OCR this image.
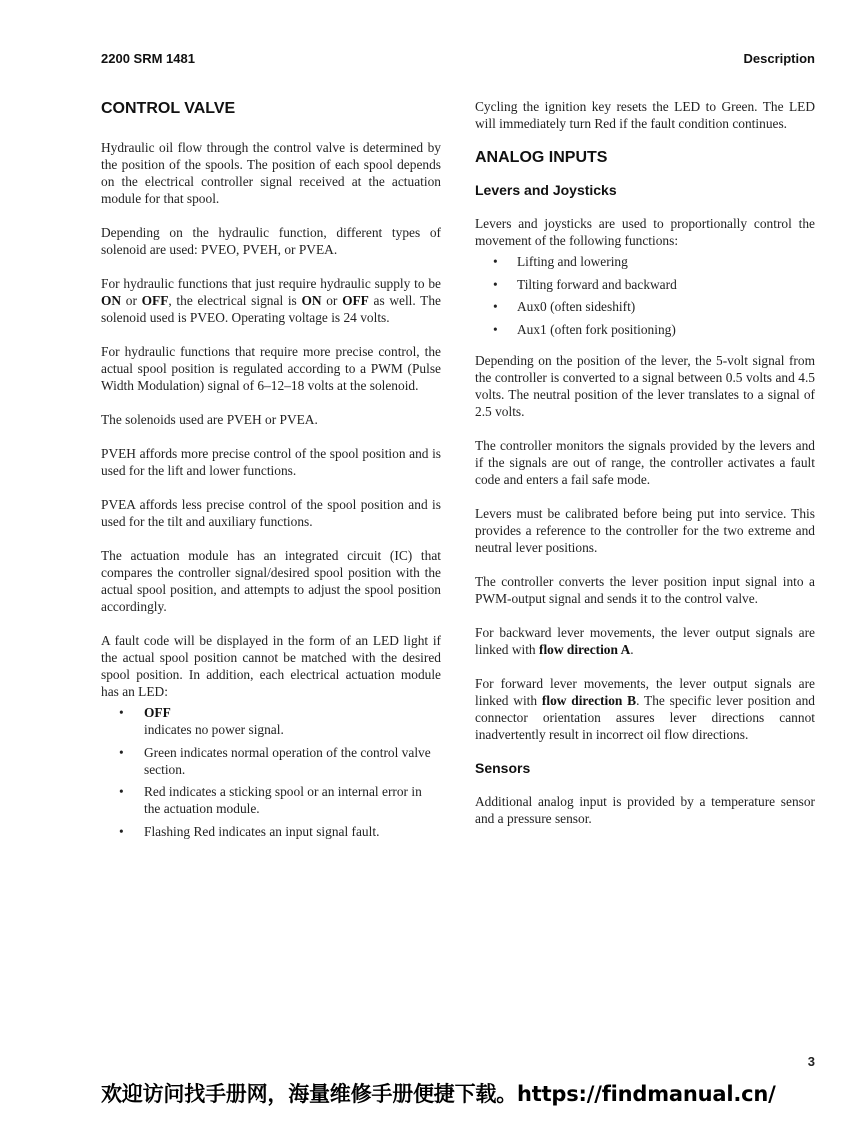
2200 SRM 1481	Description
CONTROL VALVE

Hydraulic oil flow through the control valve is determined by the position of the spools. The position of each spool depends on the electrical controller signal received at the actuation module for that spool.

Depending on the hydraulic function, different types of solenoid are used: PVEO, PVEH, or PVEA.

For hydraulic functions that just require hydraulic supply to be ON or OFF, the electrical signal is ON or OFF as well. The solenoid used is PVEO. Operating voltage is 24 volts.

For hydraulic functions that require more precise control, the actual spool position is regulated according to a PWM (Pulse Width Modulation) signal of 6–12–18 volts at the solenoid.

The solenoids used are PVEH or PVEA.

PVEH affords more precise control of the spool position and is used for the lift and lower functions.

PVEA affords less precise control of the spool position and is used for the tilt and auxiliary functions.

The actuation module has an integrated circuit (IC) that compares the controller signal/desired spool position with the actual spool position, and attempts to adjust the spool position accordingly.

A fault code will be displayed in the form of an LED light if the actual spool position cannot be matched with the desired spool position. In addition, each electrical actuation module has an LED:

• OFF
indicates no power signal.
• Green indicates normal operation of the control valve section.
• Red indicates a sticking spool or an internal error in the actuation module.
• Flashing Red indicates an input signal fault.

Cycling the ignition key resets the LED to Green. The LED will immediately turn Red if the fault condition continues.

ANALOG INPUTS
Levers and Joysticks

Levers and joysticks are used to proportionally control the movement of the following functions:

• Lifting and lowering
• Tilting forward and backward
• Aux0 (often sideshift)
• Aux1 (often fork positioning)

Depending on the position of the lever, the 5-volt signal from the controller is converted to a signal between 0.5 volts and 4.5 volts. The neutral position of the lever translates to a signal of 2.5 volts.

The controller monitors the signals provided by the levers and if the signals are out of range, the controller activates a fault code and enters a fail safe mode.

Levers must be calibrated before being put into service. This provides a reference to the controller for the two extreme and neutral lever positions.

The controller converts the lever position input signal into a PWM-output signal and sends it to the control valve.

For backward lever movements, the lever output signals are linked with flow direction A.

For forward lever movements, the lever output signals are linked with flow direction B. The specific lever position and connector orientation assures lever directions cannot inadvertently result in incorrect oil flow directions.

Sensors

Additional analog input is provided by a temperature sensor and a pressure sensor.

3
欢迎访问找手册网，海量维修手册便捷下载。https://findmanual.cn/
